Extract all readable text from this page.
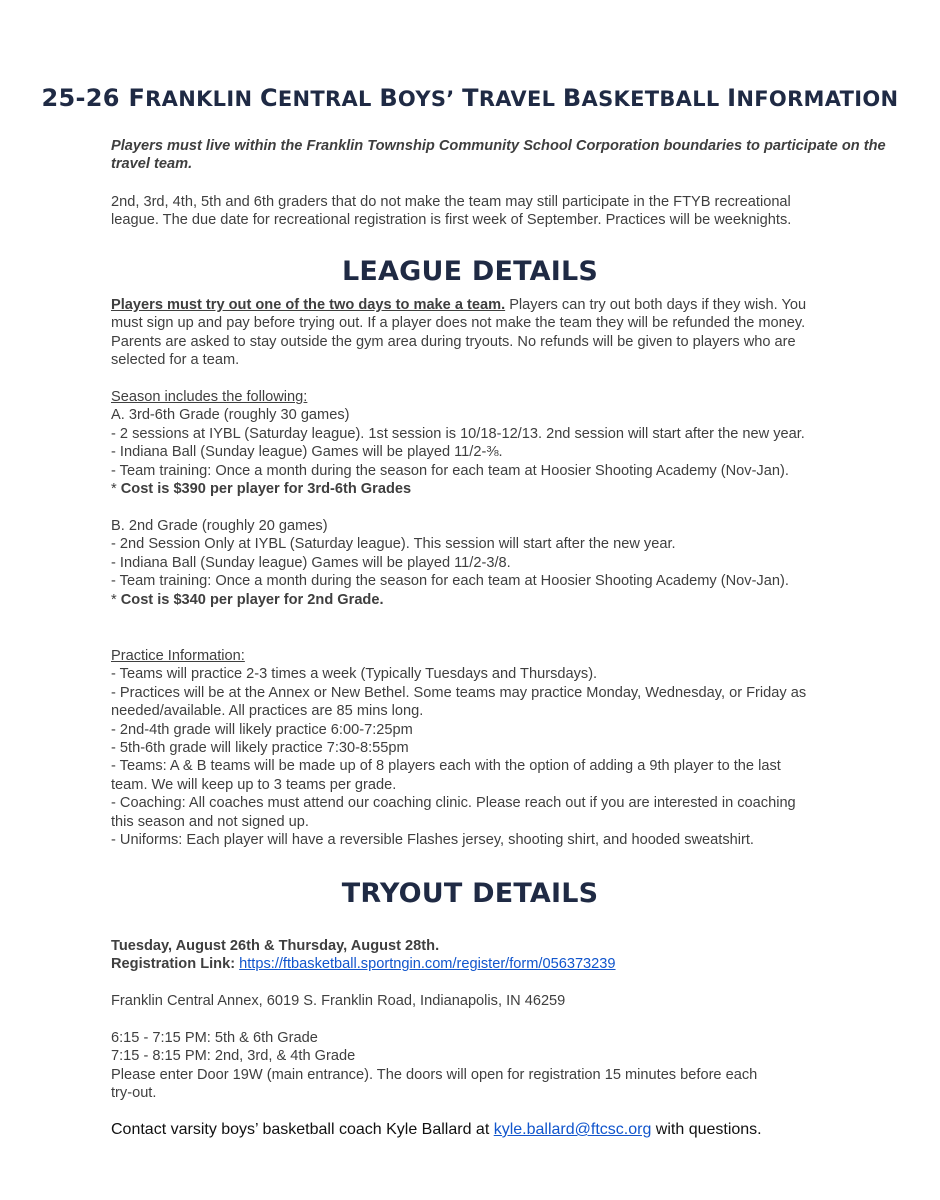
25-26 FRANKLIN CENTRAL BOYS’ TRAVEL BASKETBALL INFORMATION
Players must live within the Franklin Township Community School Corporation boundaries to participate on the
travel team.
2nd, 3rd, 4th, 5th and 6th graders that do not make the team may still participate in the FTYB recreational
league. The due date for recreational registration is first week of September. Practices will be weeknights.
LEAGUE DETAILS
Players must try out one of the two days to make a team. Players can try out both days if they wish. You
must sign up and pay before trying out. If a player does not make the team they will be refunded the money.
Parents are asked to stay outside the gym area during tryouts. No refunds will be given to players who are
selected for a team.
Season includes the following:
A. 3rd-6th Grade (roughly 30 games)
- 2 sessions at IYBL (Saturday league). 1st session is 10/18-12/13. 2nd session will start after the new year.
- Indiana Ball (Sunday league) Games will be played 11/2-⅜.
- Team training: Once a month during the season for each team at Hoosier Shooting Academy (Nov-Jan).
* Cost is $390 per player for 3rd-6th Grades
B. 2nd Grade (roughly 20 games)
- 2nd Session Only at IYBL (Saturday league). This session will start after the new year.
- Indiana Ball (Sunday league) Games will be played 11/2-3/8.
- Team training: Once a month during the season for each team at Hoosier Shooting Academy (Nov-Jan).
* Cost is $340 per player for 2nd Grade.
Practice Information:
- Teams will practice 2-3 times a week (Typically Tuesdays and Thursdays).
- Practices will be at the Annex or New Bethel. Some teams may practice Monday, Wednesday, or Friday as
needed/available. All practices are 85 mins long.
- 2nd-4th grade will likely practice 6:00-7:25pm
- 5th-6th grade will likely practice 7:30-8:55pm
- Teams: A & B teams will be made up of 8 players each with the option of adding a 9th player to the last
team. We will keep up to 3 teams per grade.
- Coaching: All coaches must attend our coaching clinic. Please reach out if you are interested in coaching
this season and not signed up.
- Uniforms: Each player will have a reversible Flashes jersey, shooting shirt, and hooded sweatshirt.
TRYOUT DETAILS
Tuesday, August 26th & Thursday, August 28th.
Registration Link: https://ftbasketball.sportngin.com/register/form/056373239
Franklin Central Annex, 6019 S. Franklin Road, Indianapolis, IN 46259
6:15 - 7:15 PM: 5th & 6th Grade
7:15 - 8:15 PM: 2nd, 3rd, & 4th Grade
Please enter Door 19W (main entrance). The doors will open for registration 15 minutes before each
try-out.
Contact varsity boys’ basketball coach Kyle Ballard at kyle.ballard@ftcsc.org with questions.
